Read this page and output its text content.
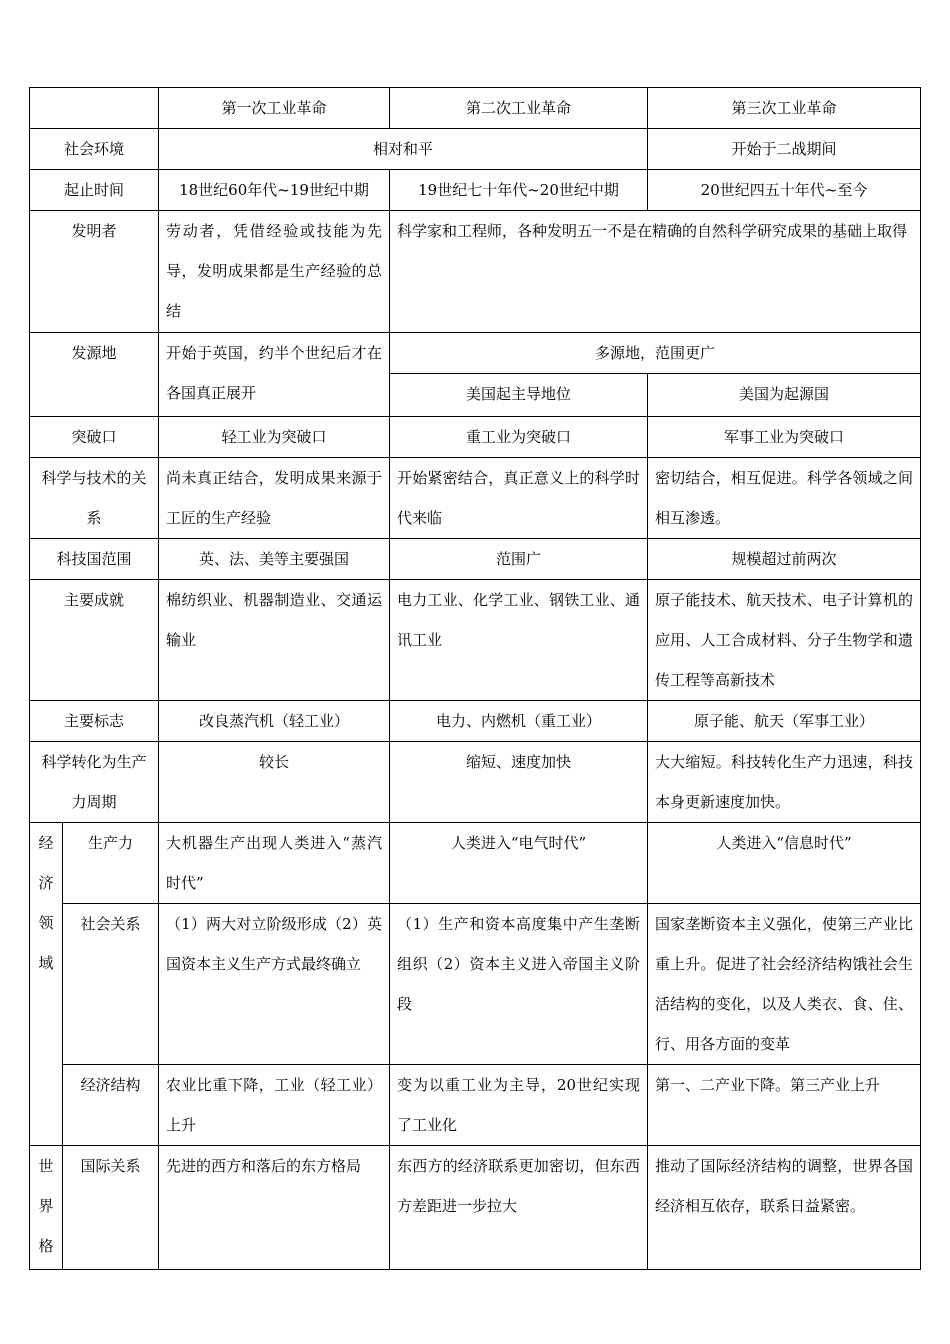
		第一次工业革命	第二次工业革命	第三次工业革命
社会环境		相对和平		开始于二战期间
起止时间		18世纪60年代~19世纪中期	19世纪七十年代~20世纪中期	20世纪四五十年代~至今
发明者		劳动者，凭借经验或技能为先导，发明成果都是生产经验的总结	科学家和工程师，各种发明五一不是在精确的自然科学研究成果的基础上取得	
发源地		开始于英国，约半个世纪后才在各国真正展开	多源地，范围更广	
			美国起主导地位	美国为起源国
突破口		轻工业为突破口	重工业为突破口	军事工业为突破口
科学与技术的关系		尚未真正结合，发明成果来源于工匠的生产经验	开始紧密结合，真正意义上的科学时代来临	密切结合，相互促进。科学各领域之间相互渗透。
科技国范围		英、法、美等主要强国	范围广	规模超过前两次
主要成就		棉纺织业、机器制造业、交通运输业	电力工业、化学工业、钢铁工业、通讯工业	原子能技术、航天技术、电子计算机的应用、人工合成材料、分子生物学和遗传工程等高新技术
主要标志		改良蒸汽机（轻工业）	电力、内燃机（重工业）	原子能、航天（军事工业）
科学转化为生产力周期		较长	缩短、速度加快	大大缩短。科技转化生产力迅速，科技本身更新速度加快。

经
济
领
域	生产力	大机器生产出现人类进入“蒸汽时代”	人类进入“电气时代”	人类进入“信息时代”
	社会关系	（1）两大对立阶级形成（2）英国资本主义生产方式最终确立	（1）生产和资本高度集中产生垄断组织（2）资本主义进入帝国主义阶段	国家垄断资本主义强化，使第三产业比重上升。促进了社会经济结构饿社会生活结构的变化，以及人类衣、食、住、行、用各方面的变革
	经济结构	农业比重下降，工业（轻工业）上升	变为以重工业为主导，20世纪实现了工业化	第一、二产业下降。第三产业上升

世
界
格	国际关系	先进的西方和落后的东方格局	东西方的经济联系更加密切，但东西方差距进一步拉大	推动了国际经济结构的调整，世界各国经济相互依存，联系日益紧密。
